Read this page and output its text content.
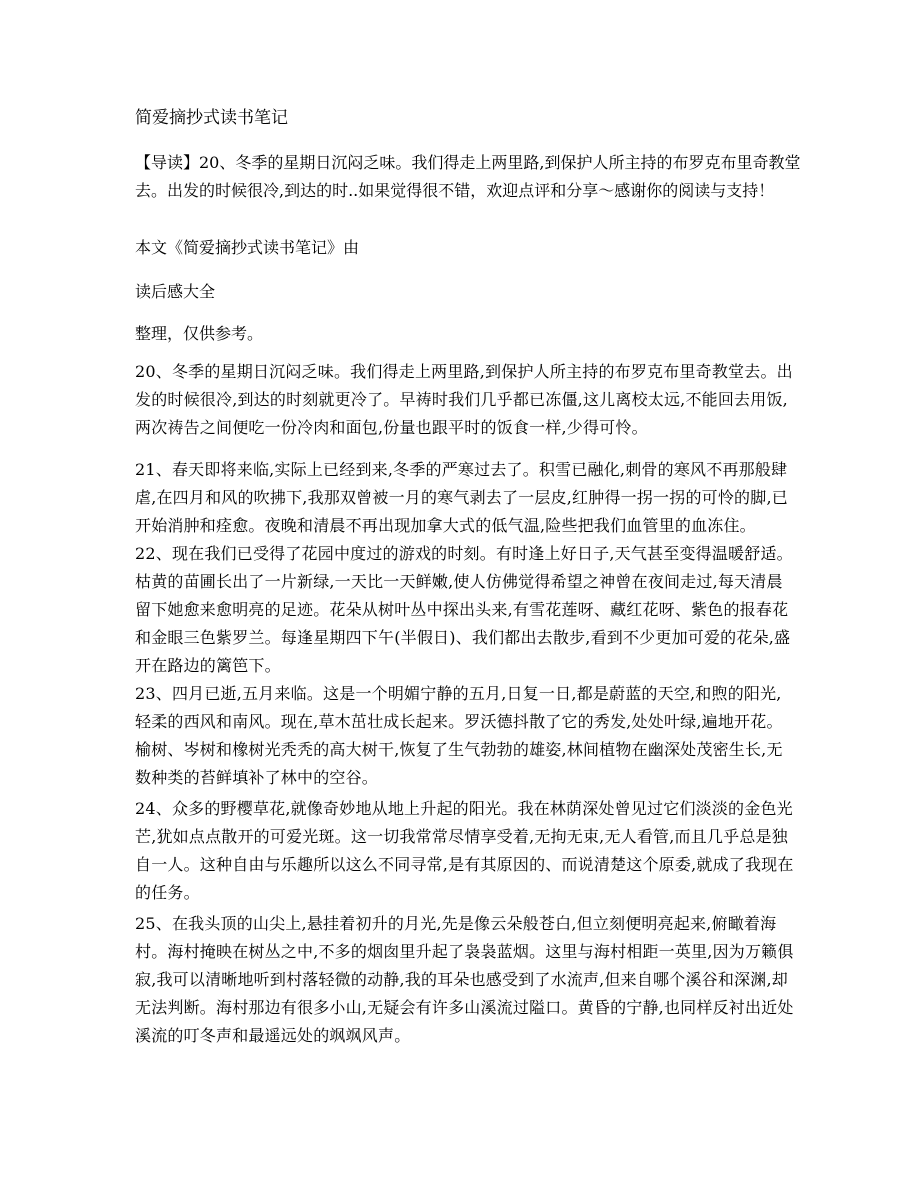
简爱摘抄式读书笔记

【导读】20、冬季的星期日沉闷乏味。我们得走上两里路,到保护人所主持的布罗克布里奇教堂去。出发的时候很冷,到达的时..如果觉得很不错，欢迎点评和分享～感谢你的阅读与支持！

本文《简爱摘抄式读书笔记》由

读后感大全

整理，仅供参考。

20、冬季的星期日沉闷乏味。我们得走上两里路,到保护人所主持的布罗克布里奇教堂去。出发的时候很冷,到达的时刻就更冷了。早祷时我们几乎都已冻僵,这儿离校太远,不能回去用饭,两次祷告之间便吃一份冷肉和面包,份量也跟平时的饭食一样,少得可怜。

21、春天即将来临,实际上已经到来,冬季的严寒过去了。积雪已融化,刺骨的寒风不再那般肆虐,在四月和风的吹拂下,我那双曾被一月的寒气剥去了一层皮,红肿得一拐一拐的可怜的脚,已开始消肿和痊愈。夜晚和清晨不再出现加拿大式的低气温,险些把我们血管里的血冻住。

22、现在我们已受得了花园中度过的游戏的时刻。有时逢上好日子,天气甚至变得温暖舒适。枯黄的苗圃长出了一片新绿,一天比一天鲜嫩,使人仿佛觉得希望之神曾在夜间走过,每天清晨留下她愈来愈明亮的足迹。花朵从树叶丛中探出头来,有雪花莲呀、藏红花呀、紫色的报春花和金眼三色紫罗兰。每逢星期四下午(半假日)、我们都出去散步,看到不少更加可爱的花朵,盛开在路边的篱笆下。

23、四月已逝,五月来临。这是一个明媚宁静的五月,日复一日,都是蔚蓝的天空,和煦的阳光,轻柔的西风和南风。现在,草木茁壮成长起来。罗沃德抖散了它的秀发,处处叶绿,遍地开花。榆树、岑树和橡树光秃秃的高大树干,恢复了生气勃勃的雄姿,林间植物在幽深处茂密生长,无数种类的苔鲜填补了林中的空谷。

24、众多的野樱草花,就像奇妙地从地上升起的阳光。我在林荫深处曾见过它们淡淡的金色光芒,犹如点点散开的可爱光斑。这一切我常常尽情享受着,无拘无束,无人看管,而且几乎总是独自一人。这种自由与乐趣所以这么不同寻常,是有其原因的、而说清楚这个原委,就成了我现在的任务。

25、在我头顶的山尖上,悬挂着初升的月光,先是像云朵般苍白,但立刻便明亮起来,俯瞰着海村。海村掩映在树丛之中,不多的烟囱里升起了袅袅蓝烟。这里与海村相距一英里,因为万籁俱寂,我可以清晰地听到村落轻微的动静,我的耳朵也感受到了水流声,但来自哪个溪谷和深渊,却无法判断。海村那边有很多小山,无疑会有许多山溪流过隘口。黄昏的宁静,也同样反衬出近处溪流的叮冬声和最遥远处的飒飒风声。
